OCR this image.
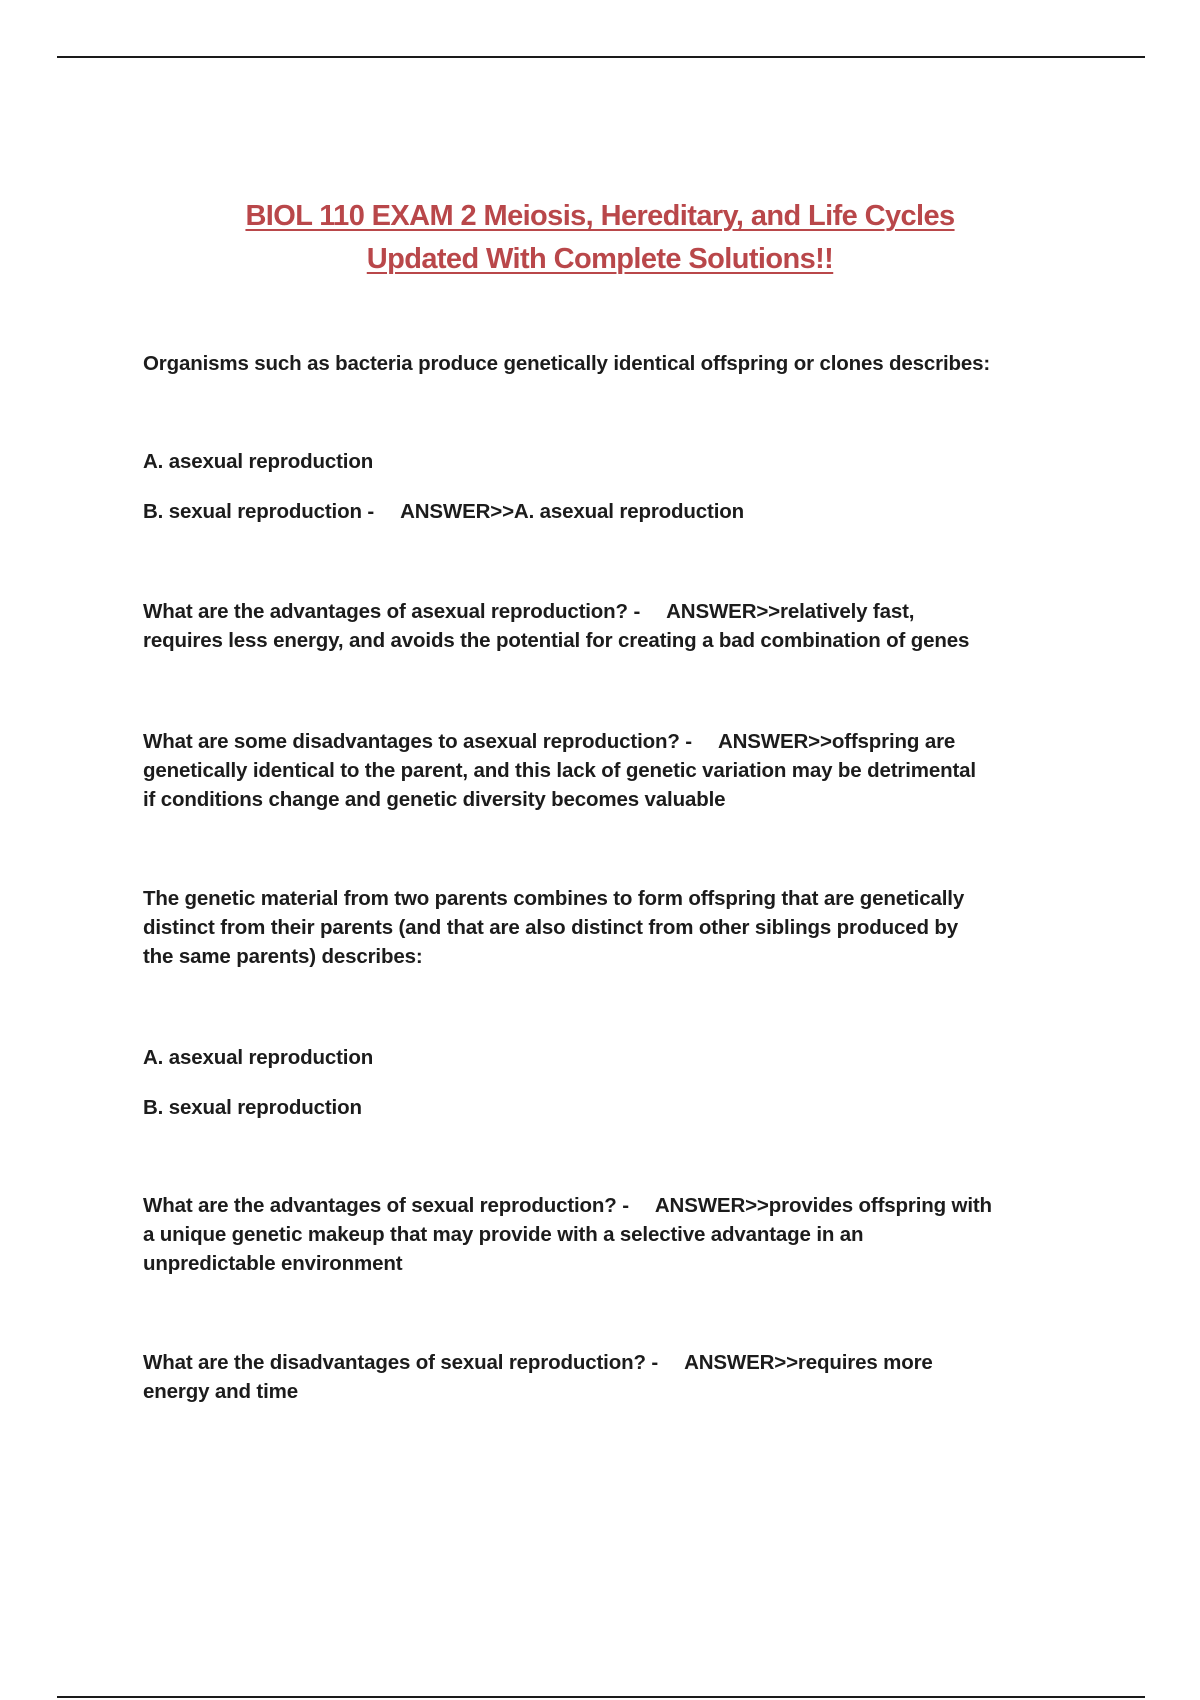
BIOL 110 EXAM 2 Meiosis, Hereditary, and Life Cycles
Updated With Complete Solutions!!
Organisms such as bacteria produce genetically identical offspring or clones describes:
A. asexual reproduction
B. sexual reproduction - ANSWER>>A. asexual reproduction
What are the advantages of asexual reproduction? - ANSWER>>relatively fast,
requires less energy, and avoids the potential for creating a bad combination of genes
What are some disadvantages to asexual reproduction? - ANSWER>>offspring are
genetically identical to the parent, and this lack of genetic variation may be detrimental
if conditions change and genetic diversity becomes valuable
The genetic material from two parents combines to form offspring that are genetically
distinct from their parents (and that are also distinct from other siblings produced by
the same parents) describes:
A. asexual reproduction
B. sexual reproduction
What are the advantages of sexual reproduction? - ANSWER>>provides offspring with
a unique genetic makeup that may provide with a selective advantage in an
unpredictable environment
What are the disadvantages of sexual reproduction? - ANSWER>>requires more
energy and time
